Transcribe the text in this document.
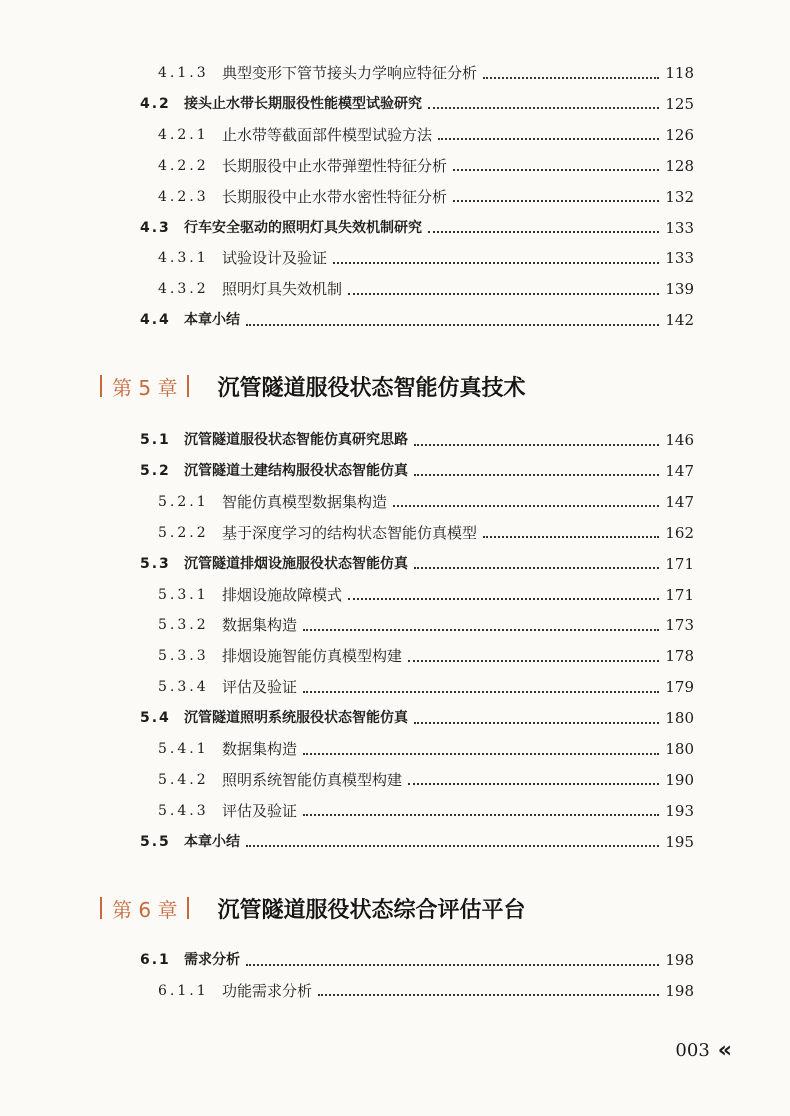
4.1.3 典型变形下管节接头力学响应特征分析	118
4.2 接头止水带长期服役性能模型试验研究	125
4.2.1 止水带等截面部件模型试验方法	126
4.2.2 长期服役中止水带弹塑性特征分析	128
4.2.3 长期服役中止水带水密性特征分析	132
4.3 行车安全驱动的照明灯具失效机制研究	133
4.3.1 试验设计及验证	133
4.3.2 照明灯具失效机制	139
4.4 本章小结	142
第 5 章 沉管隧道服役状态智能仿真技术
5.1 沉管隧道服役状态智能仿真研究思路	146
5.2 沉管隧道土建结构服役状态智能仿真	147
5.2.1 智能仿真模型数据集构造	147
5.2.2 基于深度学习的结构状态智能仿真模型	162
5.3 沉管隧道排烟设施服役状态智能仿真	171
5.3.1 排烟设施故障模式	171
5.3.2 数据集构造	173
5.3.3 排烟设施智能仿真模型构建	178
5.3.4 评估及验证	179
5.4 沉管隧道照明系统服役状态智能仿真	180
5.4.1 数据集构造	180
5.4.2 照明系统智能仿真模型构建	190
5.4.3 评估及验证	193
5.5 本章小结	195
第 6 章 沉管隧道服役状态综合评估平台
6.1 需求分析	198
6.1.1 功能需求分析	198
003 «
